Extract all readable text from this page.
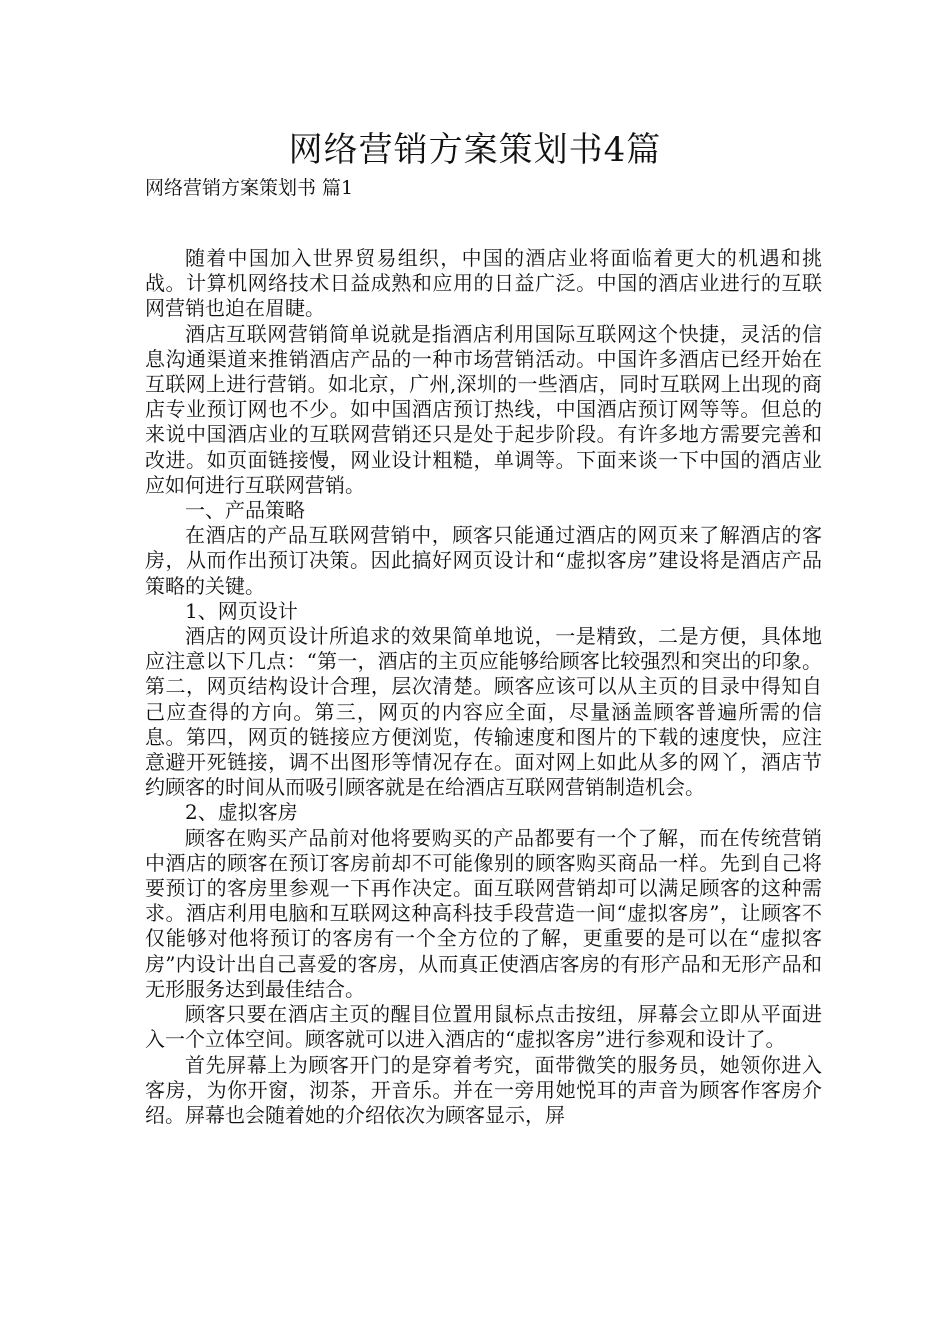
网络营销方案策划书4篇

网络营销方案策划书 篇1

随着中国加入世界贸易组织，中国的酒店业将面临着更大的机遇和挑战。计算机网络技术日益成熟和应用的日益广泛。中国的酒店业进行的互联网营销也迫在眉睫。

酒店互联网营销简单说就是指酒店利用国际互联网这个快捷，灵活的信息沟通渠道来推销酒店产品的一种市场营销活动。中国许多酒店已经开始在互联网上进行营销。如北京，广州,深圳的一些酒店，同时互联网上出现的商店专业预订网也不少。如中国酒店预订热线，中国酒店预订网等等。但总的来说中国酒店业的互联网营销还只是处于起步阶段。有许多地方需要完善和改进。如页面链接慢，网业设计粗糙，单调等。下面来谈一下中国的酒店业应如何进行互联网营销。

一、产品策略

在酒店的产品互联网营销中，顾客只能通过酒店的网页来了解酒店的客房，从而作出预订决策。因此搞好网页设计和“虚拟客房”建设将是酒店产品策略的关键。

1、网页设计

酒店的网页设计所追求的效果简单地说，一是精致，二是方便，具体地应注意以下几点：“第一，酒店的主页应能够给顾客比较强烈和突出的印象。第二，网页结构设计合理，层次清楚。顾客应该可以从主页的目录中得知自己应查得的方向。第三，网页的内容应全面，尽量涵盖顾客普遍所需的信息。第四，网页的链接应方便浏览，传输速度和图片的下载的速度快，应注意避开死链接，调不出图形等情况存在。面对网上如此从多的网丫，酒店节约顾客的时间从而吸引顾客就是在给酒店互联网营销制造机会。

2、虚拟客房

顾客在购买产品前对他将要购买的产品都要有一个了解，而在传统营销中酒店的顾客在预订客房前却不可能像别的顾客购买商品一样。先到自己将要预订的客房里参观一下再作决定。面互联网营销却可以满足顾客的这种需求。酒店利用电脑和互联网这种高科技手段营造一间“虚拟客房”，让顾客不仅能够对他将预订的客房有一个全方位的了解，更重要的是可以在“虚拟客房”内设计出自己喜爱的客房，从而真正使酒店客房的有形产品和无形产品和无形服务达到最佳结合。

顾客只要在酒店主页的醒目位置用鼠标点击按纽，屏幕会立即从平面进入一个立体空间。顾客就可以进入酒店的“虚拟客房”进行参观和设计了。

首先屏幕上为顾客开门的是穿着考究，面带微笑的服务员，她领你进入客房，为你开窗，沏茶，开音乐。并在一旁用她悦耳的声音为顾客作客房介绍。屏幕也会随着她的介绍依次为顾客显示，屏
